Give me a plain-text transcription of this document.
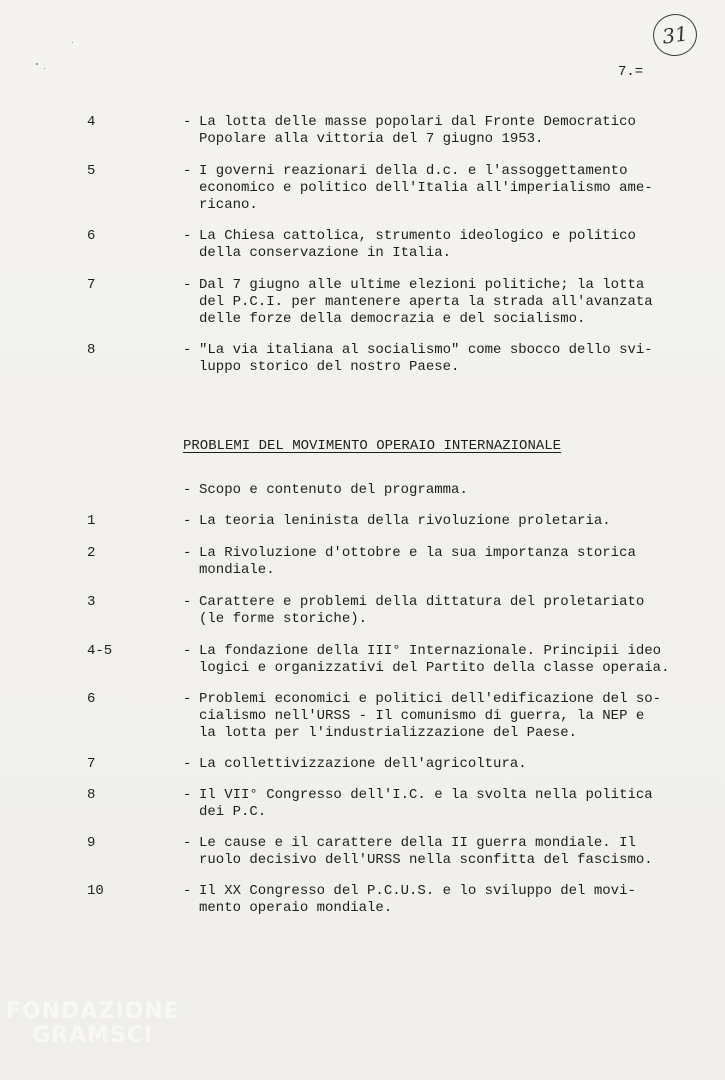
31
7.=
4	- La lotta delle masse popolari dal Fronte Democratico
Popolare alla vittoria del 7 giugno 1953.
5	- I governi reazionari della d.c. e l'assoggettamento
economico e politico dell'Italia all'imperialismo ame-
ricano.
6	- La Chiesa cattolica, strumento ideologico e politico
della conservazione in Italia.
7	- Dal 7 giugno alle ultime elezioni politiche; la lotta
del P.C.I. per mantenere aperta la strada all'avanzata
delle forze della democrazia e del socialismo.
8	- "La via italiana al socialismo" come sbocco dello svi-
luppo storico del nostro Paese.
PROBLEMI DEL MOVIMENTO OPERAIO INTERNAZIONALE
- Scopo e contenuto del programma.
1	- La teoria leninista della rivoluzione proletaria.
2	- La Rivoluzione d'ottobre e la sua importanza storica
mondiale.
3	- Carattere e problemi della dittatura del proletariato
(le forme storiche).
4-5	- La fondazione della III° Internazionale. Principii ideo
logici e organizzativi del Partito della classe operaia.
6	- Problemi economici e politici dell'edificazione del so-
cialismo nell'URSS - Il comunismo di guerra, la NEP e
la lotta per l'industrializzazione del Paese.
7	- La collettivizzazione dell'agricoltura.
8	- Il VII° Congresso dell'I.C. e la svolta nella politica
dei P.C.
9	- Le cause e il carattere della II guerra mondiale. Il
ruolo decisivo dell'URSS nella sconfitta del fascismo.
10	- Il XX Congresso del P.C.U.S. e lo sviluppo del movi-
mento operaio mondiale.
FONDAZIONE
GRAMSCI
